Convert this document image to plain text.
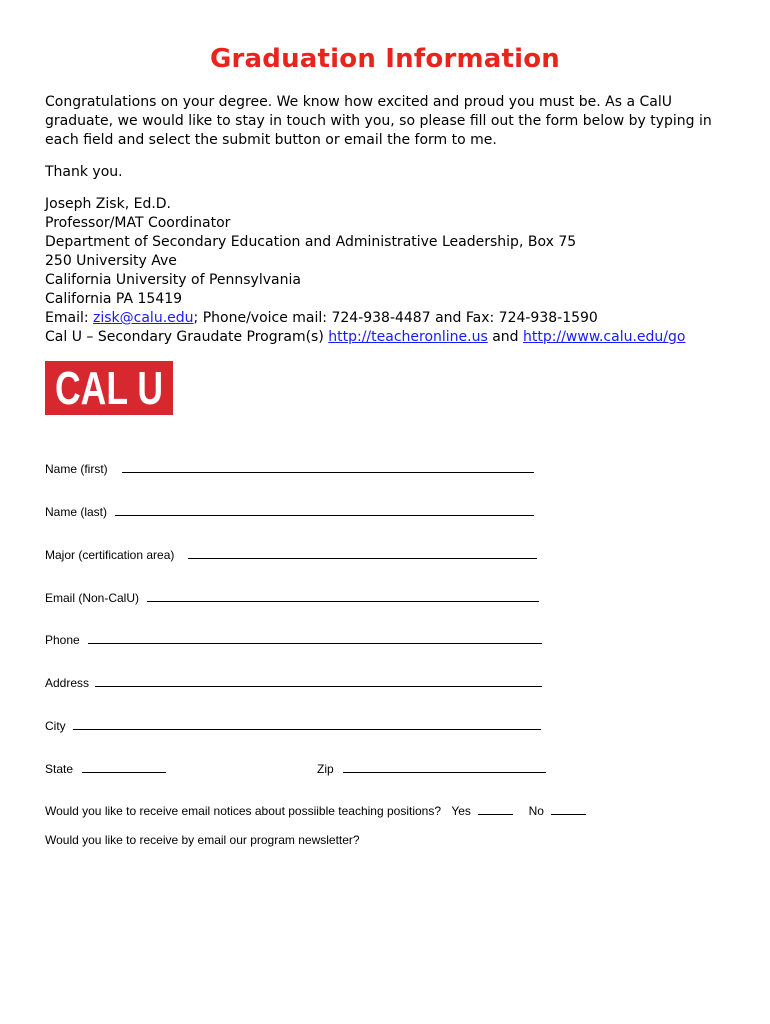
Graduation Information
Congratulations on your degree. We know how excited and proud you must be. As a CalU graduate, we would like to stay in touch with you, so please fill out the form below by typing in each field and select the submit button or email the form to me.
Thank you.
Joseph Zisk, Ed.D.
Professor/MAT Coordinator
Department of Secondary Education and Administrative Leadership, Box 75
250 University Ave
California University of Pennsylvania
California PA 15419
Email: zisk@calu.edu; Phone/voice mail: 724-938-4487 and Fax: 724-938-1590
Cal U – Secondary Graudate Program(s) http://teacheronline.us and http://www.calu.edu/go
CAL U
Name (first)
Name (last)
Major (certification area)
Email (Non-CalU)
Phone
Address
City
State	Zip
Would you like to receive email notices about possiible teaching positions? Yes	No
Would you like to receive by email our program newsletter?
